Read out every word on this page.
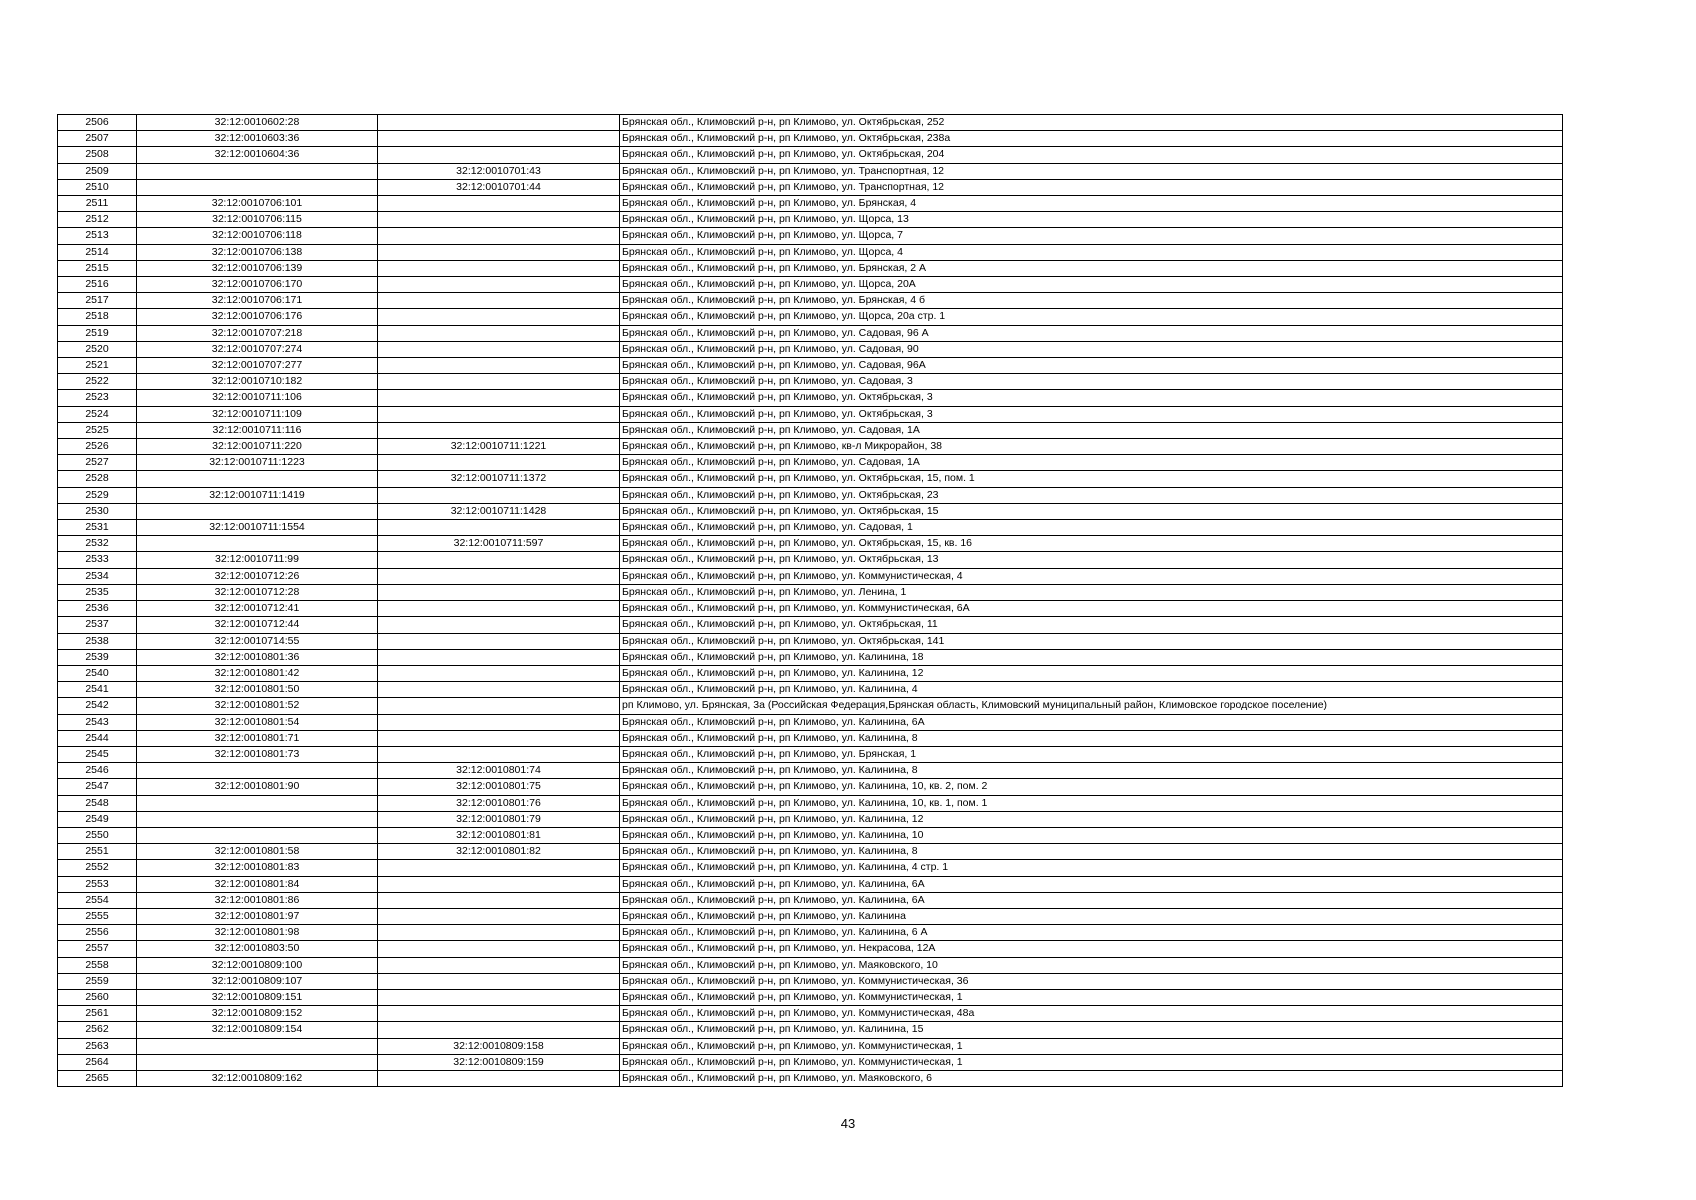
2506	32:12:0010602:28		Брянская обл., Климовский р-н, рп Климово, ул. Октябрьская, 252
2507	32:12:0010603:36		Брянская обл., Климовский р-н, рп Климово, ул. Октябрьская, 238а
2508	32:12:0010604:36		Брянская обл., Климовский р-н, рп Климово, ул. Октябрьская, 204
2509		32:12:0010701:43	Брянская обл., Климовский р-н, рп Климово, ул. Транспортная, 12
2510		32:12:0010701:44	Брянская обл., Климовский р-н, рп Климово, ул. Транспортная, 12
2511	32:12:0010706:101		Брянская обл., Климовский р-н, рп Климово, ул. Брянская, 4
2512	32:12:0010706:115		Брянская обл., Климовский р-н, рп Климово, ул. Щорса, 13
2513	32:12:0010706:118		Брянская обл., Климовский р-н, рп Климово, ул. Щорса, 7
2514	32:12:0010706:138		Брянская обл., Климовский р-н, рп Климово, ул. Щорса, 4
2515	32:12:0010706:139		Брянская обл., Климовский р-н, рп Климово, ул. Брянская, 2 А
2516	32:12:0010706:170		Брянская обл., Климовский р-н, рп Климово, ул. Щорса, 20А
2517	32:12:0010706:171		Брянская обл., Климовский р-н, рп Климово, ул. Брянская, 4 б
2518	32:12:0010706:176		Брянская обл., Климовский р-н, рп Климово, ул. Щорса, 20а стр. 1
2519	32:12:0010707:218		Брянская обл., Климовский р-н, рп Климово, ул. Садовая, 96 А
2520	32:12:0010707:274		Брянская обл., Климовский р-н, рп Климово, ул. Садовая, 90
2521	32:12:0010707:277		Брянская обл., Климовский р-н, рп Климово, ул. Садовая, 96А
2522	32:12:0010710:182		Брянская обл., Климовский р-н, рп Климово, ул. Садовая, 3
2523	32:12:0010711:106		Брянская обл., Климовский р-н, рп Климово, ул. Октябрьская, 3
2524	32:12:0010711:109		Брянская обл., Климовский р-н, рп Климово, ул. Октябрьская, 3
2525	32:12:0010711:116		Брянская обл., Климовский р-н, рп Климово, ул. Садовая, 1А
2526	32:12:0010711:220	32:12:0010711:1221	Брянская обл., Климовский р-н, рп Климово, кв-л Микрорайон, 38
2527	32:12:0010711:1223		Брянская обл., Климовский р-н, рп Климово, ул. Садовая, 1А
2528		32:12:0010711:1372	Брянская обл., Климовский р-н, рп Климово, ул. Октябрьская, 15, пом. 1
2529	32:12:0010711:1419		Брянская обл., Климовский р-н, рп Климово, ул. Октябрьская, 23
2530		32:12:0010711:1428	Брянская обл., Климовский р-н, рп Климово, ул. Октябрьская, 15
2531	32:12:0010711:1554		Брянская обл., Климовский р-н, рп Климово, ул. Садовая, 1
2532		32:12:0010711:597	Брянская обл., Климовский р-н, рп Климово, ул. Октябрьская, 15, кв. 16
2533	32:12:0010711:99		Брянская обл., Климовский р-н, рп Климово, ул. Октябрьская, 13
2534	32:12:0010712:26		Брянская обл., Климовский р-н, рп Климово, ул. Коммунистическая, 4
2535	32:12:0010712:28		Брянская обл., Климовский р-н, рп Климово, ул. Ленина, 1
2536	32:12:0010712:41		Брянская обл., Климовский р-н, рп Климово, ул. Коммунистическая, 6А
2537	32:12:0010712:44		Брянская обл., Климовский р-н, рп Климово, ул. Октябрьская, 11
2538	32:12:0010714:55		Брянская обл., Климовский р-н, рп Климово, ул. Октябрьская, 141
2539	32:12:0010801:36		Брянская обл., Климовский р-н, рп Климово, ул. Калинина, 18
2540	32:12:0010801:42		Брянская обл., Климовский р-н, рп Климово, ул. Калинина, 12
2541	32:12:0010801:50		Брянская обл., Климовский р-н, рп Климово, ул. Калинина, 4
2542	32:12:0010801:52		рп Климово, ул. Брянская, 3а (Российская Федерация,Брянская область, Климовский муниципальный район, Климовское городское поселение)
2543	32:12:0010801:54		Брянская обл., Климовский р-н, рп Климово, ул. Калинина, 6А
2544	32:12:0010801:71		Брянская обл., Климовский р-н, рп Климово, ул. Калинина, 8
2545	32:12:0010801:73		Брянская обл., Климовский р-н, рп Климово, ул. Брянская, 1
2546		32:12:0010801:74	Брянская обл., Климовский р-н, рп Климово, ул. Калинина, 8
2547	32:12:0010801:90	32:12:0010801:75	Брянская обл., Климовский р-н, рп Климово, ул. Калинина, 10, кв. 2, пом. 2
2548		32:12:0010801:76	Брянская обл., Климовский р-н, рп Климово, ул. Калинина, 10, кв. 1, пом. 1
2549		32:12:0010801:79	Брянская обл., Климовский р-н, рп Климово, ул. Калинина, 12
2550		32:12:0010801:81	Брянская обл., Климовский р-н, рп Климово, ул. Калинина, 10
2551	32:12:0010801:58	32:12:0010801:82	Брянская обл., Климовский р-н, рп Климово, ул. Калинина, 8
2552	32:12:0010801:83		Брянская обл., Климовский р-н, рп Климово, ул. Калинина, 4 стр. 1
2553	32:12:0010801:84		Брянская обл., Климовский р-н, рп Климово, ул. Калинина, 6А
2554	32:12:0010801:86		Брянская обл., Климовский р-н, рп Климово, ул. Калинина, 6А
2555	32:12:0010801:97		Брянская обл., Климовский р-н, рп Климово, ул. Калинина
2556	32:12:0010801:98		Брянская обл., Климовский р-н, рп Климово, ул. Калинина, 6 А
2557	32:12:0010803:50		Брянская обл., Климовский р-н, рп Климово, ул. Некрасова, 12А
2558	32:12:0010809:100		Брянская обл., Климовский р-н, рп Климово, ул. Маяковского, 10
2559	32:12:0010809:107		Брянская обл., Климовский р-н, рп Климово, ул. Коммунистическая, 36
2560	32:12:0010809:151		Брянская обл., Климовский р-н, рп Климово, ул. Коммунистическая, 1
2561	32:12:0010809:152		Брянская обл., Климовский р-н, рп Климово, ул. Коммунистическая, 48а
2562	32:12:0010809:154		Брянская обл., Климовский р-н, рп Климово, ул. Калинина, 15
2563		32:12:0010809:158	Брянская обл., Климовский р-н, рп Климово, ул. Коммунистическая, 1
2564		32:12:0010809:159	Брянская обл., Климовский р-н, рп Климово, ул. Коммунистическая, 1
2565	32:12:0010809:162		Брянская обл., Климовский р-н, рп Климово, ул. Маяковского, 6
43
